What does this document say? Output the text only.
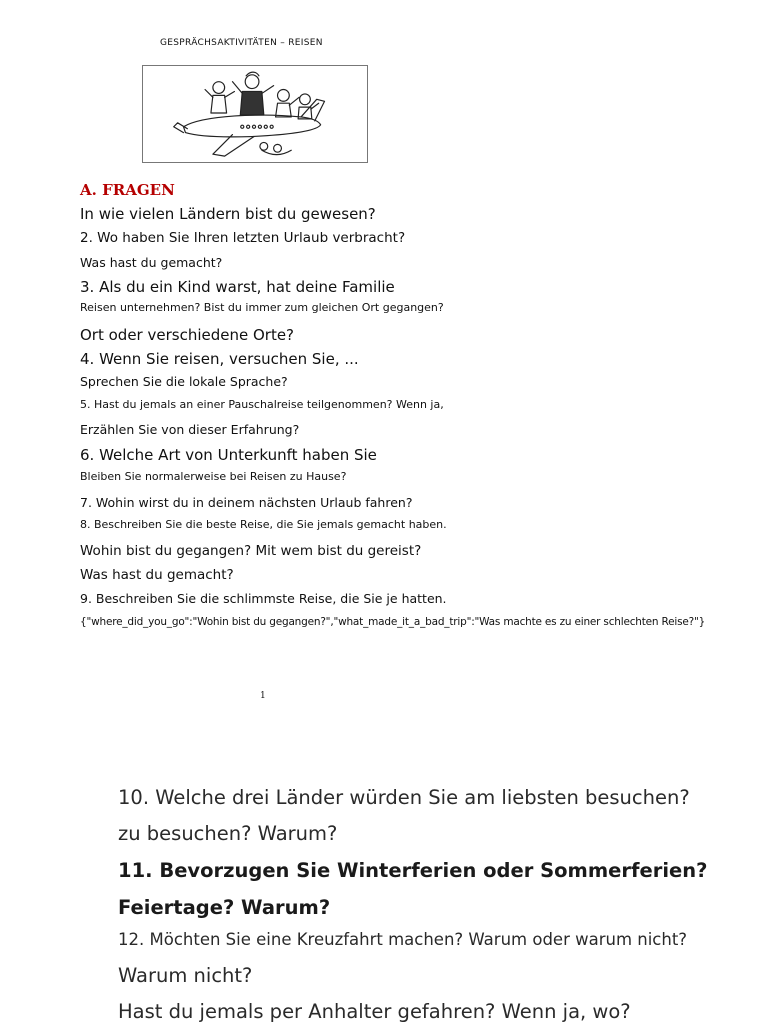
GESPRÄCHSAKTIVITÄTEN – REISEN
A. FRAGEN
In wie vielen Ländern bist du gewesen?
2. Wo haben Sie Ihren letzten Urlaub verbracht?
Was hast du gemacht?
3. Als du ein Kind warst, hat deine Familie
Reisen unternehmen? Bist du immer zum gleichen Ort gegangen?
Ort oder verschiedene Orte?
4. Wenn Sie reisen, versuchen Sie, ...
Sprechen Sie die lokale Sprache?
5. Hast du jemals an einer Pauschalreise teilgenommen? Wenn ja,
Erzählen Sie von dieser Erfahrung?
6. Welche Art von Unterkunft haben Sie
Bleiben Sie normalerweise bei Reisen zu Hause?
7. Wohin wirst du in deinem nächsten Urlaub fahren?
8. Beschreiben Sie die beste Reise, die Sie jemals gemacht haben.
Wohin bist du gegangen? Mit wem bist du gereist?
Was hast du gemacht?
9. Beschreiben Sie die schlimmste Reise, die Sie je hatten.
{"where_did_you_go":"Wohin bist du gegangen?","what_made_it_a_bad_trip":"Was machte es zu einer schlechten Reise?"}
1
10. Welche drei Länder würden Sie am liebsten besuchen?
zu besuchen? Warum?
11. Bevorzugen Sie Winterferien oder Sommerferien?
Feiertage? Warum?
12. Möchten Sie eine Kreuzfahrt machen? Warum oder warum nicht?
Warum nicht?
Hast du jemals per Anhalter gefahren? Wenn ja, wo?
